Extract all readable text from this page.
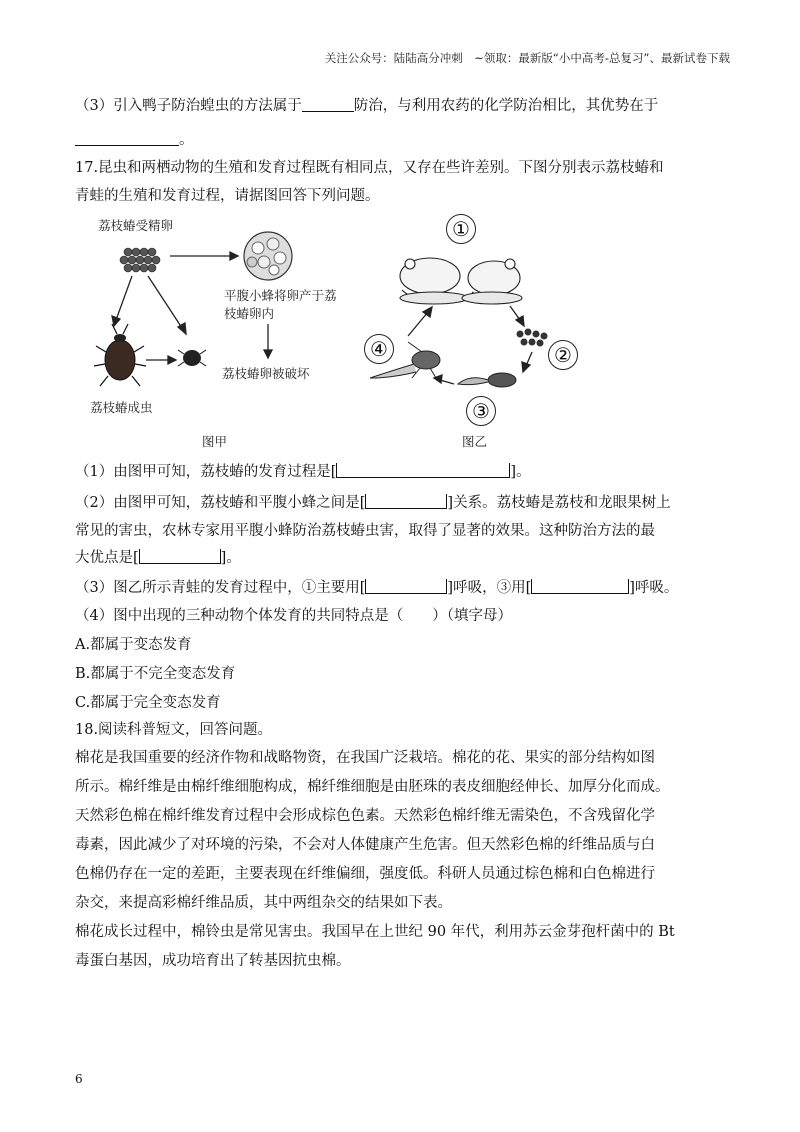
关注公众号：陆陆高分冲刺　~领取：最新版“小中高考-总复习”、最新试卷下载
（3）引入鸭子防治蝗虫的方法属于	防治，与利用农药的化学防治相比，其优势在于
。
17.昆虫和两栖动物的生殖和发育过程既有相同点，又存在些许差别。下图分别表示荔枝蝽和
青蛙的生殖和发育过程，请据图回答下列问题。
荔枝蝽受精卵
平腹小蜂将卵产于荔
枝蝽卵内
荔枝蝽卵被破坏
荔枝蝽成虫
图甲
①
②
③
④
图乙
（1）由图甲可知，荔枝蝽的发育过程是[	]。
（2）由图甲可知，荔枝蝽和平腹小蜂之间是[	]关系。荔枝蝽是荔枝和龙眼果树上
常见的害虫，农林专家用平腹小蜂防治荔枝蝽虫害，取得了显著的效果。这种防治方法的最
大优点是[	]。
（3）图乙所示青蛙的发育过程中，①主要用[	]呼吸，③用[	]呼吸。
（4）图中出现的三种动物个体发育的共同特点是（　　）（填字母）
A.都属于变态发育
B.都属于不完全变态发育
C.都属于完全变态发育
18.阅读科普短文，回答问题。
棉花是我国重要的经济作物和战略物资，在我国广泛栽培。棉花的花、果实的部分结构如图
所示。棉纤维是由棉纤维细胞构成，棉纤维细胞是由胚珠的表皮细胞经伸长、加厚分化而成。
天然彩色棉在棉纤维发育过程中会形成棕色色素。天然彩色棉纤维无需染色，不含残留化学
毒素，因此减少了对环境的污染，不会对人体健康产生危害。但天然彩色棉的纤维品质与白
色棉仍存在一定的差距，主要表现在纤维偏细，强度低。科研人员通过棕色棉和白色棉进行
杂交，来提高彩棉纤维品质，其中两组杂交的结果如下表。
棉花成长过程中，棉铃虫是常见害虫。我国早在上世纪 90 年代，利用苏云金芽孢杆菌中的 Bt
毒蛋白基因，成功培育出了转基因抗虫棉。
6
